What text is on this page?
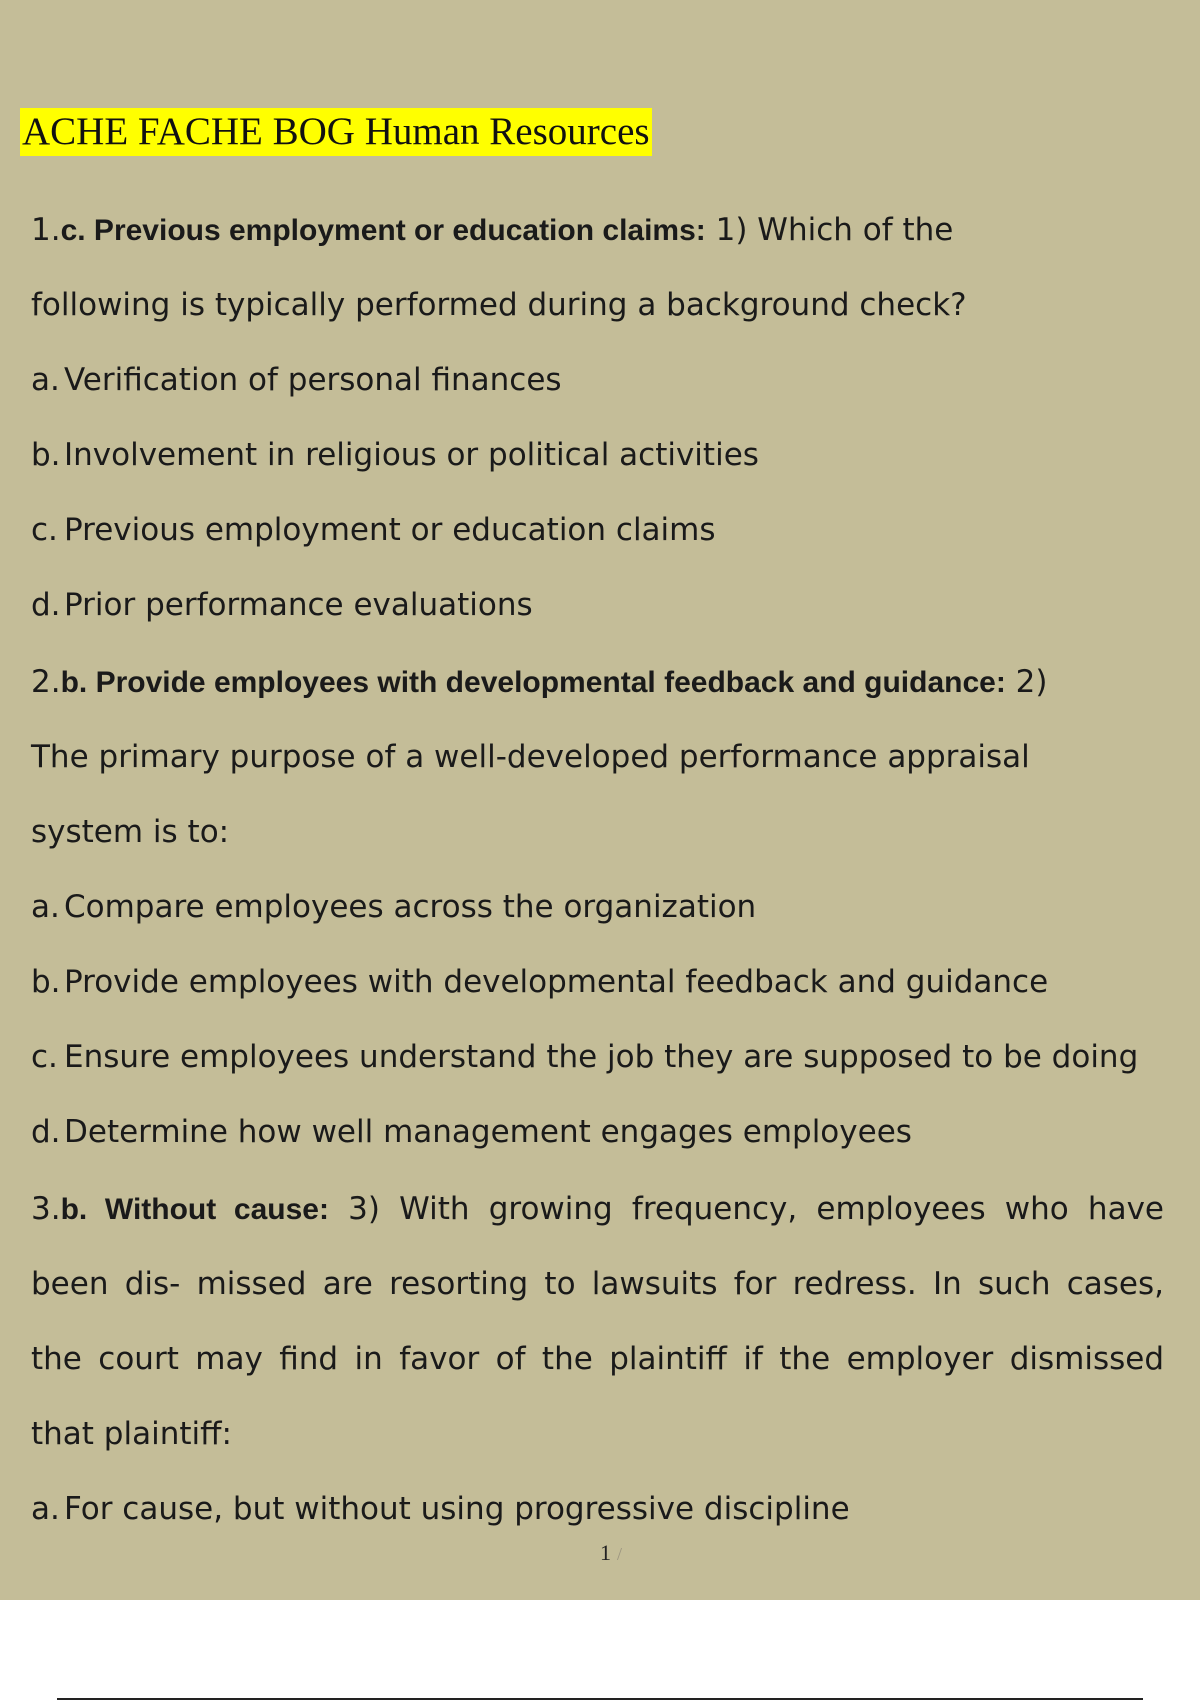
ACHE FACHE BOG Human Resources
1.c. Previous employment or education claims: 1) Which of the
following is typically performed during a background check?
a. Verification of personal finances
b. Involvement in religious or political activities
c. Previous employment or education claims
d. Prior performance evaluations
2.b. Provide employees with developmental feedback and guidance: 2)
The primary purpose of a well-developed performance appraisal
system is to:
a. Compare employees across the organization
b. Provide employees with developmental feedback and guidance
c. Ensure employees understand the job they are supposed to be doing
d. Determine how well management engages employees
3.b. Without cause: 3) With growing frequency, employees who have
been dis- missed are resorting to lawsuits for redress. In such cases,
the court may find in favor of the plaintiff if the employer dismissed
that plaintiff:
a. For cause, but without using progressive discipline
1 /
